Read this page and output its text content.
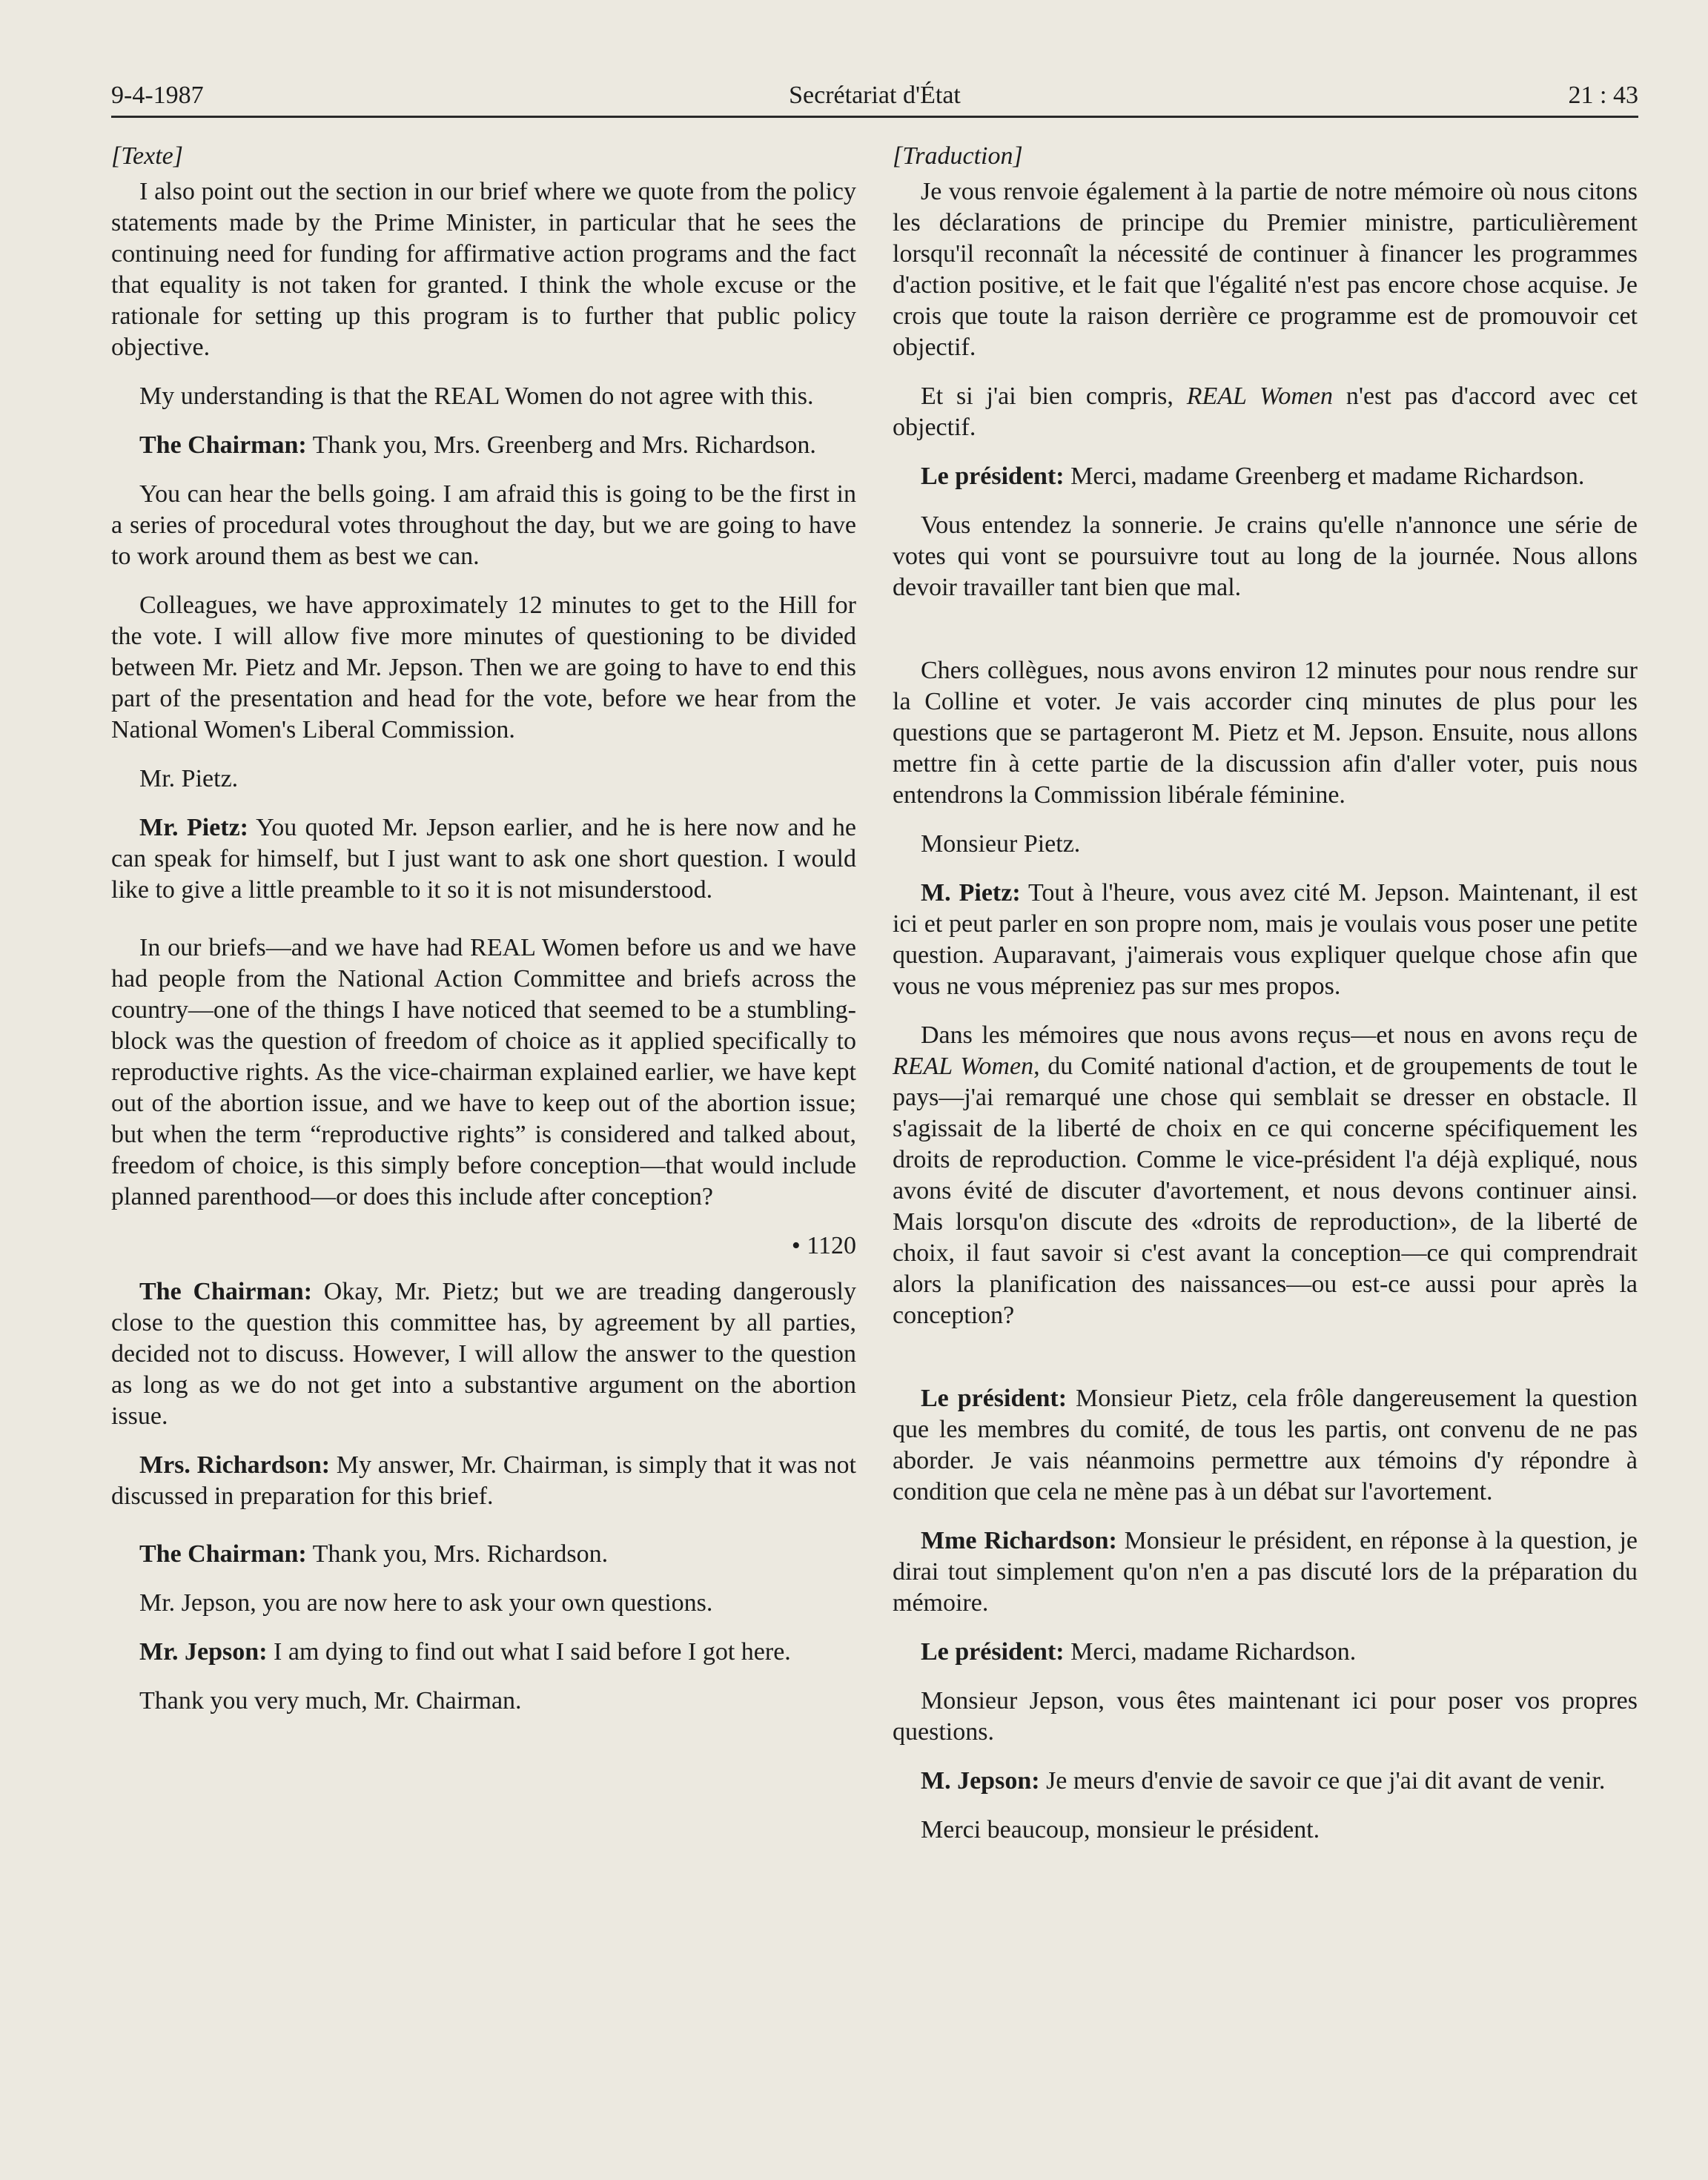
9-4-1987	Secrétariat d'État	21 : 43

[Texte]

I also point out the section in our brief where we quote from the policy statements made by the Prime Minister, in particular that he sees the continuing need for funding for affirmative action programs and the fact that equality is not taken for granted. I think the whole excuse or the rationale for setting up this program is to further that public policy objective.

My understanding is that the REAL Women do not agree with this.

The Chairman: Thank you, Mrs. Greenberg and Mrs. Richardson.

You can hear the bells going. I am afraid this is going to be the first in a series of procedural votes throughout the day, but we are going to have to work around them as best we can.

Colleagues, we have approximately 12 minutes to get to the Hill for the vote. I will allow five more minutes of questioning to be divided between Mr. Pietz and Mr. Jepson. Then we are going to have to end this part of the presentation and head for the vote, before we hear from the National Women's Liberal Commission.

Mr. Pietz.

Mr. Pietz: You quoted Mr. Jepson earlier, and he is here now and he can speak for himself, but I just want to ask one short question. I would like to give a little preamble to it so it is not misunderstood.

In our briefs—and we have had REAL Women before us and we have had people from the National Action Committee and briefs across the country—one of the things I have noticed that seemed to be a stumbling-block was the question of freedom of choice as it applied specifically to reproductive rights. As the vice-chairman explained earlier, we have kept out of the abortion issue, and we have to keep out of the abortion issue; but when the term “reproductive rights” is considered and talked about, freedom of choice, is this simply before conception—that would include planned parenthood—or does this include after conception?

• 1120

The Chairman: Okay, Mr. Pietz; but we are treading dangerously close to the question this committee has, by agreement by all parties, decided not to discuss. However, I will allow the answer to the question as long as we do not get into a substantive argument on the abortion issue.

Mrs. Richardson: My answer, Mr. Chairman, is simply that it was not discussed in preparation for this brief.

The Chairman: Thank you, Mrs. Richardson.

Mr. Jepson, you are now here to ask your own questions.

Mr. Jepson: I am dying to find out what I said before I got here.

Thank you very much, Mr. Chairman.

[Traduction]

Je vous renvoie également à la partie de notre mémoire où nous citons les déclarations de principe du Premier ministre, particulièrement lorsqu'il reconnaît la nécessité de continuer à financer les programmes d'action positive, et le fait que l'égalité n'est pas encore chose acquise. Je crois que toute la raison derrière ce programme est de promouvoir cet objectif.

Et si j'ai bien compris, REAL Women n'est pas d'accord avec cet objectif.

Le président: Merci, madame Greenberg et madame Richardson.

Vous entendez la sonnerie. Je crains qu'elle n'annonce une série de votes qui vont se poursuivre tout au long de la journée. Nous allons devoir travailler tant bien que mal.

Chers collègues, nous avons environ 12 minutes pour nous rendre sur la Colline et voter. Je vais accorder cinq minutes de plus pour les questions que se partageront M. Pietz et M. Jepson. Ensuite, nous allons mettre fin à cette partie de la discussion afin d'aller voter, puis nous entendrons la Commission libérale féminine.

Monsieur Pietz.

M. Pietz: Tout à l'heure, vous avez cité M. Jepson. Maintenant, il est ici et peut parler en son propre nom, mais je voulais vous poser une petite question. Auparavant, j'aimerais vous expliquer quelque chose afin que vous ne vous mépreniez pas sur mes propos.

Dans les mémoires que nous avons reçus—et nous en avons reçu de REAL Women, du Comité national d'action, et de groupements de tout le pays—j'ai remarqué une chose qui semblait se dresser en obstacle. Il s'agissait de la liberté de choix en ce qui concerne spécifiquement les droits de reproduction. Comme le vice-président l'a déjà expliqué, nous avons évité de discuter d'avortement, et nous devons continuer ainsi. Mais lorsqu'on discute des «droits de reproduction», de la liberté de choix, il faut savoir si c'est avant la conception—ce qui comprendrait alors la planification des naissances—ou est-ce aussi pour après la conception?

Le président: Monsieur Pietz, cela frôle dangereusement la question que les membres du comité, de tous les partis, ont convenu de ne pas aborder. Je vais néanmoins permettre aux témoins d'y répondre à condition que cela ne mène pas à un débat sur l'avortement.

Mme Richardson: Monsieur le président, en réponse à la question, je dirai tout simplement qu'on n'en a pas discuté lors de la préparation du mémoire.

Le président: Merci, madame Richardson.

Monsieur Jepson, vous êtes maintenant ici pour poser vos propres questions.

M. Jepson: Je meurs d'envie de savoir ce que j'ai dit avant de venir.

Merci beaucoup, monsieur le président.
